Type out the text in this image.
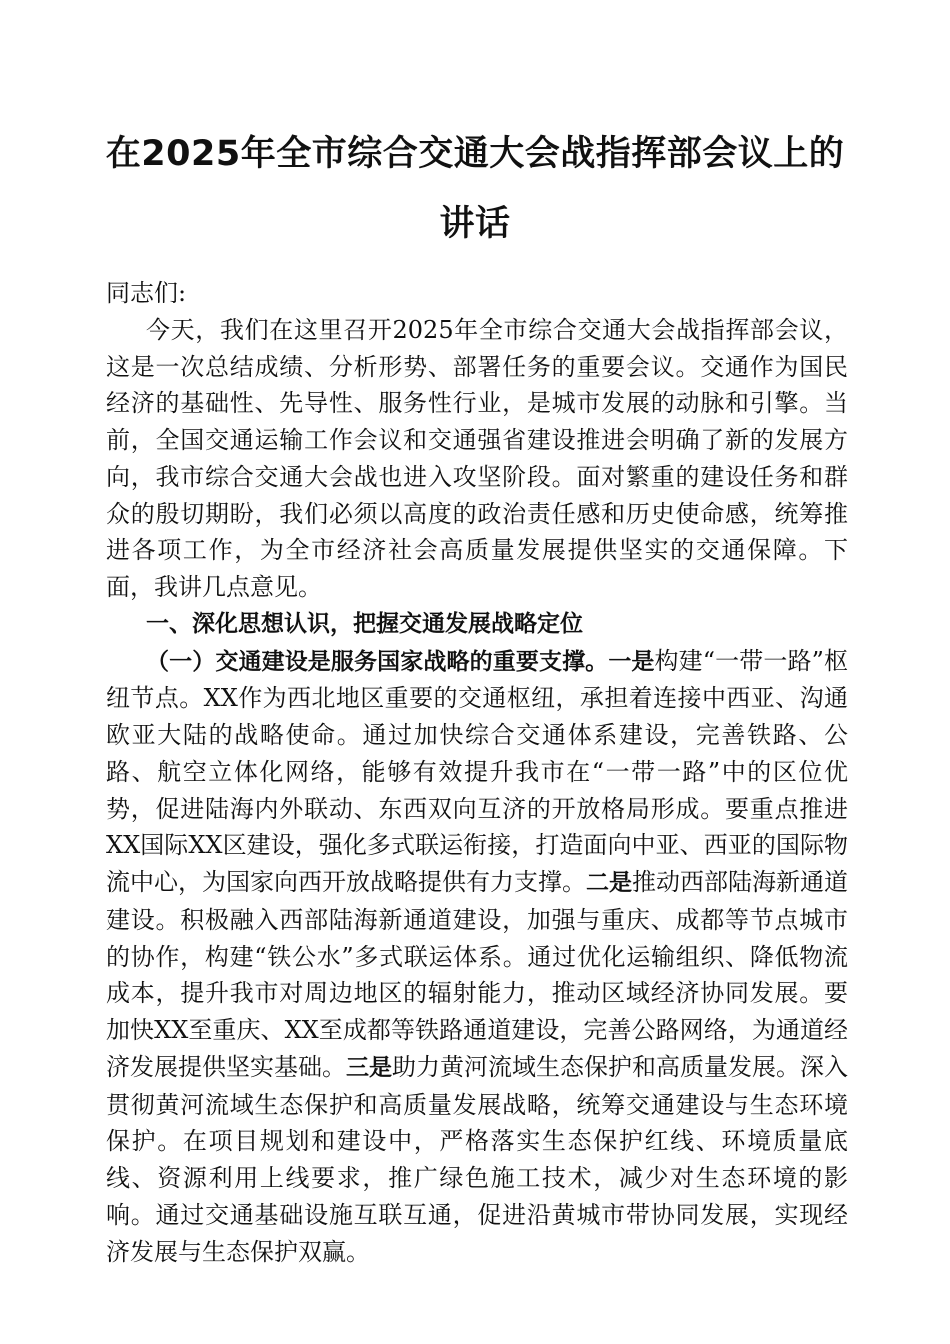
在2025年全市综合交通大会战指挥部会议上的
讲话

同志们:

今天，我们在这里召开2025年全市综合交通大会战指挥部会议，这是一次总结成绩、分析形势、部署任务的重要会议。交通作为国民经济的基础性、先导性、服务性行业，是城市发展的动脉和引擎。当前，全国交通运输工作会议和交通强省建设推进会明确了新的发展方向，我市综合交通大会战也进入攻坚阶段。面对繁重的建设任务和群众的殷切期盼，我们必须以高度的政治责任感和历史使命感，统筹推进各项工作，为全市经济社会高质量发展提供坚实的交通保障。下面，我讲几点意见。

一、深化思想认识，把握交通发展战略定位

（一）交通建设是服务国家战略的重要支撑。一是构建“一带一路”枢纽节点。XX作为西北地区重要的交通枢纽，承担着连接中西亚、沟通欧亚大陆的战略使命。通过加快综合交通体系建设，完善铁路、公路、航空立体化网络，能够有效提升我市在“一带一路”中的区位优势，促进陆海内外联动、东西双向互济的开放格局形成。要重点推进XX国际XX区建设，强化多式联运衔接，打造面向中亚、西亚的国际物流中心，为国家向西开放战略提供有力支撑。二是推动西部陆海新通道建设。积极融入西部陆海新通道建设，加强与重庆、成都等节点城市的协作，构建“铁公水”多式联运体系。通过优化运输组织、降低物流成本，提升我市对周边地区的辐射能力，推动区域经济协同发展。要加快XX至重庆、XX至成都等铁路通道建设，完善公路网络，为通道经济发展提供坚实基础。三是助力黄河流域生态保护和高质量发展。深入贯彻黄河流域生态保护和高质量发展战略，统筹交通建设与生态环境保护。在项目规划和建设中，严格落实生态保护红线、环境质量底线、资源利用上线要求，推广绿色施工技术，减少对生态环境的影响。通过交通基础设施互联互通，促进沿黄城市带协同发展，实现经济发展与生态保护双赢。
